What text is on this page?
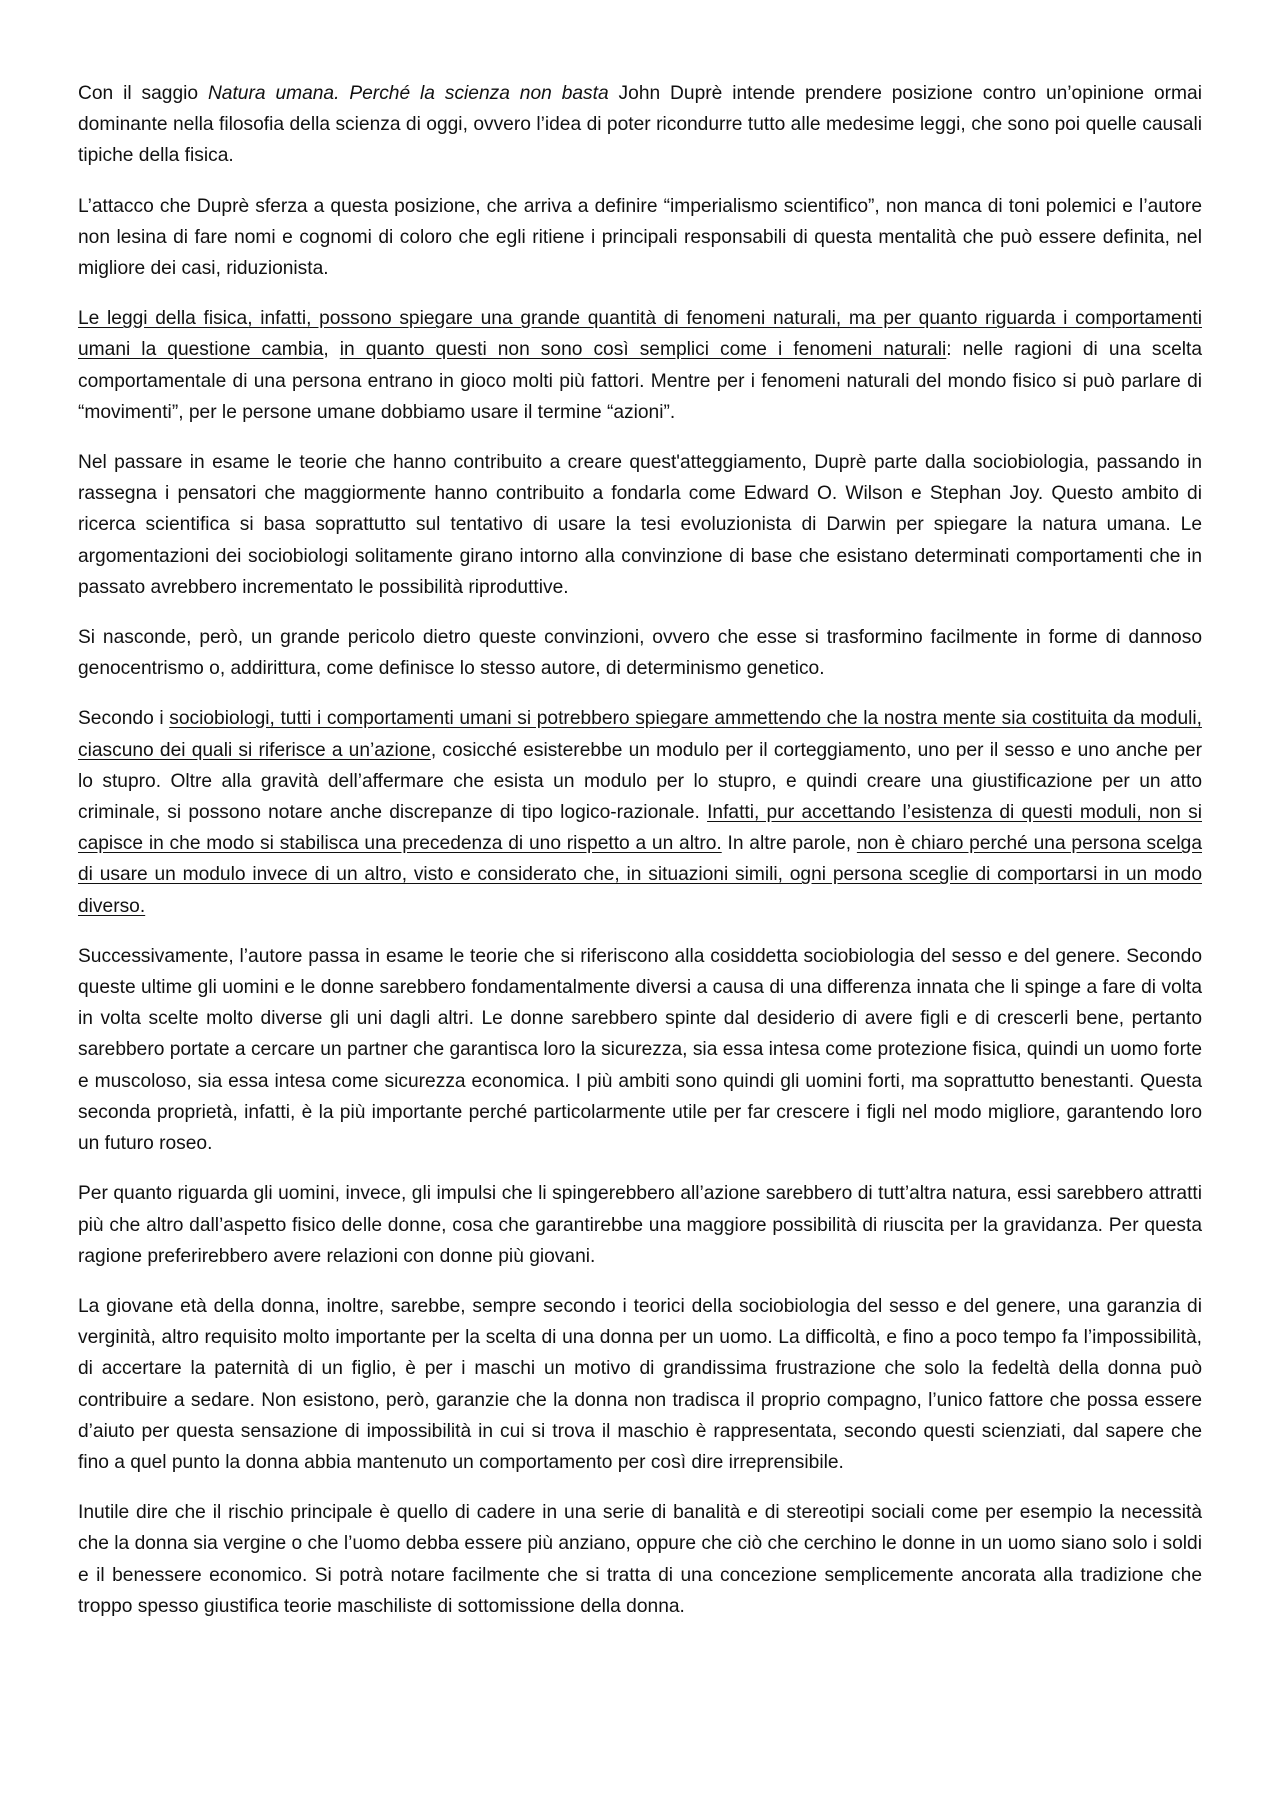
Con il saggio Natura umana. Perché la scienza non basta John Duprè intende prendere posizione contro un’opinione ormai dominante nella filosofia della scienza di oggi, ovvero l’idea di poter ricondurre tutto alle medesime leggi, che sono poi quelle causali tipiche della fisica.

L’attacco che Duprè sferza a questa posizione, che arriva a definire “imperialismo scientifico”, non manca di toni polemici e l’autore non lesina di fare nomi e cognomi di coloro che egli ritiene i principali responsabili di questa mentalità che può essere definita, nel migliore dei casi, riduzionista.

Le leggi della fisica, infatti, possono spiegare una grande quantità di fenomeni naturali, ma per quanto riguarda i comportamenti umani la questione cambia, in quanto questi non sono così semplici come i fenomeni naturali: nelle ragioni di una scelta comportamentale di una persona entrano in gioco molti più fattori. Mentre per i fenomeni naturali del mondo fisico si può parlare di “movimenti”, per le persone umane dobbiamo usare il termine “azioni”.

Nel passare in esame le teorie che hanno contribuito a creare quest'atteggiamento, Duprè parte dalla sociobiologia, passando in rassegna i pensatori che maggiormente hanno contribuito a fondarla come Edward O. Wilson e Stephan Joy. Questo ambito di ricerca scientifica si basa soprattutto sul tentativo di usare la tesi evoluzionista di Darwin per spiegare la natura umana. Le argomentazioni dei sociobiologi solitamente girano intorno alla convinzione di base che esistano determinati comportamenti che in passato avrebbero incrementato le possibilità riproduttive.

Si nasconde, però, un grande pericolo dietro queste convinzioni, ovvero che esse si trasformino facilmente in forme di dannoso genocentrismo o, addirittura, come definisce lo stesso autore, di determinismo genetico.

Secondo i sociobiologi, tutti i comportamenti umani si potrebbero spiegare ammettendo che la nostra mente sia costituita da moduli, ciascuno dei quali si riferisce a un’azione, cosicché esisterebbe un modulo per il corteggiamento, uno per il sesso e uno anche per lo stupro. Oltre alla gravità dell’affermare che esista un modulo per lo stupro, e quindi creare una giustificazione per un atto criminale, si possono notare anche discrepanze di tipo logico-razionale. Infatti, pur accettando l’esistenza di questi moduli, non si capisce in che modo si stabilisca una precedenza di uno rispetto a un altro. In altre parole, non è chiaro perché una persona scelga di usare un modulo invece di un altro, visto e considerato che, in situazioni simili, ogni persona sceglie di comportarsi in un modo diverso.

Successivamente, l’autore passa in esame le teorie che si riferiscono alla cosiddetta sociobiologia del sesso e del genere. Secondo queste ultime gli uomini e le donne sarebbero fondamentalmente diversi a causa di una differenza innata che li spinge a fare di volta in volta scelte molto diverse gli uni dagli altri. Le donne sarebbero spinte dal desiderio di avere figli e di crescerli bene, pertanto sarebbero portate a cercare un partner che garantisca loro la sicurezza, sia essa intesa come protezione fisica, quindi un uomo forte e muscoloso, sia essa intesa come sicurezza economica. I più ambiti sono quindi gli uomini forti, ma soprattutto benestanti. Questa seconda proprietà, infatti, è la più importante perché particolarmente utile per far crescere i figli nel modo migliore, garantendo loro un futuro roseo.

Per quanto riguarda gli uomini, invece, gli impulsi che li spingerebbero all’azione sarebbero di tutt’altra natura, essi sarebbero attratti più che altro dall’aspetto fisico delle donne, cosa che garantirebbe una maggiore possibilità di riuscita per la gravidanza. Per questa ragione preferirebbero avere relazioni con donne più giovani.

La giovane età della donna, inoltre, sarebbe, sempre secondo i teorici della sociobiologia del sesso e del genere, una garanzia di verginità, altro requisito molto importante per la scelta di una donna per un uomo. La difficoltà, e fino a poco tempo fa l’impossibilità, di accertare la paternità di un figlio, è per i maschi un motivo di grandissima frustrazione che solo la fedeltà della donna può contribuire a sedare. Non esistono, però, garanzie che la donna non tradisca il proprio compagno, l’unico fattore che possa essere d’aiuto per questa sensazione di impossibilità in cui si trova il maschio è rappresentata, secondo questi scienziati, dal sapere che fino a quel punto la donna abbia mantenuto un comportamento per così dire irreprensibile.

Inutile dire che il rischio principale è quello di cadere in una serie di banalità e di stereotipi sociali come per esempio la necessità che la donna sia vergine o che l’uomo debba essere più anziano, oppure che ciò che cerchino le donne in un uomo siano solo i soldi e il benessere economico. Si potrà notare facilmente che si tratta di una concezione semplicemente ancorata alla tradizione che troppo spesso giustifica teorie maschiliste di sottomissione della donna.
